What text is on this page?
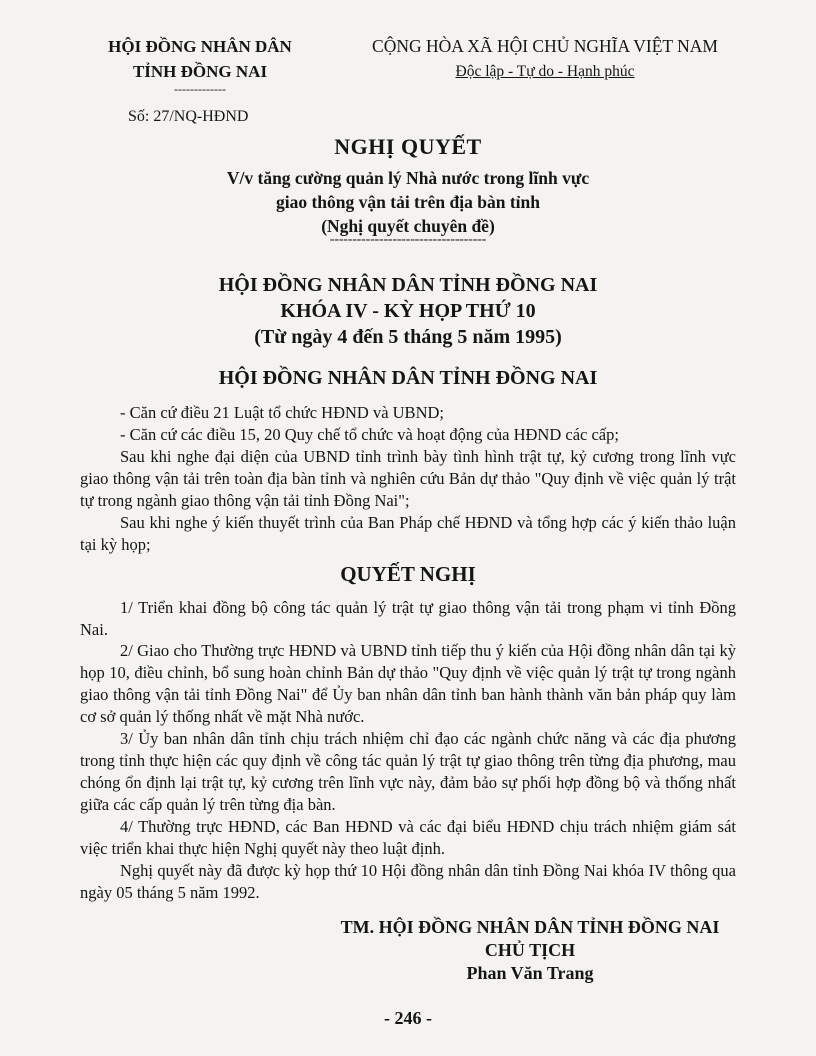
HỘI ĐỒNG NHÂN DÂN
TỈNH ĐỒNG NAI
-------------
CỘNG HÒA XÃ HỘI CHỦ NGHĨA VIỆT NAM
Độc lập - Tự do - Hạnh phúc
Số: 27/NQ-HĐND
NGHỊ QUYẾT
V/v tăng cường quản lý Nhà nước trong lĩnh vực
giao thông vận tải trên địa bàn tỉnh
(Nghị quyết chuyên đề)
-----------------------------------
HỘI ĐỒNG NHÂN DÂN TỈNH ĐỒNG NAI
KHÓA IV - KỲ HỌP THỨ 10
(Từ ngày 4 đến 5 tháng 5 năm 1995)
HỘI ĐỒNG NHÂN DÂN TỈNH ĐỒNG NAI
- Căn cứ điều 21 Luật tổ chức HĐND và UBND;
- Căn cứ các điều 15, 20 Quy chế tổ chức và hoạt động của HĐND các cấp;
Sau khi nghe đại diện của UBND tỉnh trình bày tình hình trật tự, kỷ cương trong lĩnh vực giao thông vận tải trên toàn địa bàn tỉnh và nghiên cứu Bản dự thảo "Quy định về việc quản lý trật tự trong ngành giao thông vận tải tỉnh Đồng Nai";
Sau khi nghe ý kiến thuyết trình của Ban Pháp chế HĐND và tổng hợp các ý kiến thảo luận tại kỳ họp;
QUYẾT NGHỊ
1/ Triển khai đồng bộ công tác quản lý trật tự giao thông vận tải trong phạm vi tỉnh Đồng Nai.
2/ Giao cho Thường trực HĐND và UBND tỉnh tiếp thu ý kiến của Hội đồng nhân dân tại kỳ họp 10, điều chỉnh, bổ sung hoàn chỉnh Bản dự thảo "Quy định về việc quản lý trật tự trong ngành giao thông vận tải tỉnh Đồng Nai" để Ủy ban nhân dân tỉnh ban hành thành văn bản pháp quy làm cơ sở quản lý thống nhất về mặt Nhà nước.
3/ Ủy ban nhân dân tỉnh chịu trách nhiệm chỉ đạo các ngành chức năng và các địa phương trong tỉnh thực hiện các quy định về công tác quản lý trật tự giao thông trên từng địa phương, mau chóng ổn định lại trật tự, kỷ cương trên lĩnh vực này, đảm bảo sự phối hợp đồng bộ và thống nhất giữa các cấp quản lý trên từng địa bàn.
4/ Thường trực HĐND, các Ban HĐND và các đại biểu HĐND chịu trách nhiệm giám sát việc triển khai thực hiện Nghị quyết này theo luật định.
Nghị quyết này đã được kỳ họp thứ 10 Hội đồng nhân dân tỉnh Đồng Nai khóa IV thông qua ngày 05 tháng 5 năm 1992.
TM. HỘI ĐỒNG NHÂN DÂN TỈNH ĐỒNG NAI
CHỦ TỊCH
Phan Văn Trang
- 246 -
